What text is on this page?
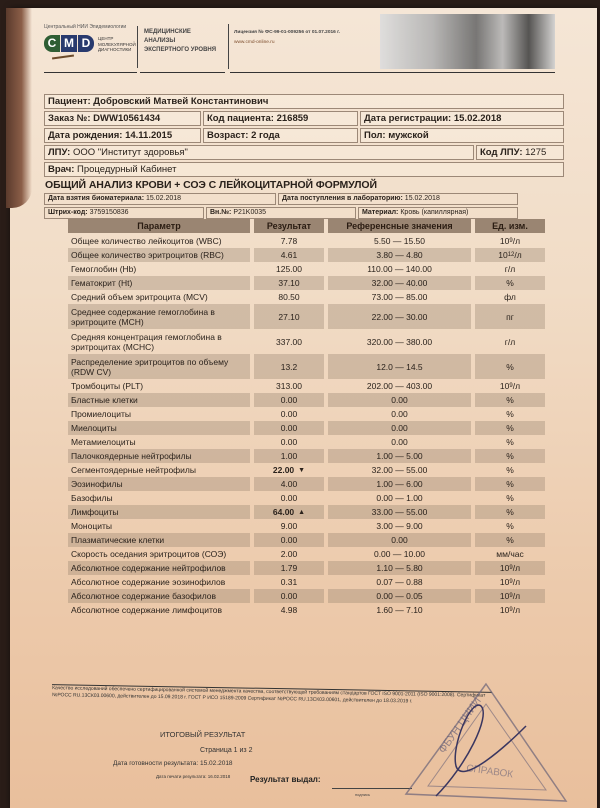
Центральный НИИ Эпидемиологии
C M D	ЦЕНТР МОЛЕКУЛЯРНОЙ ДИАГНОСТИКИ
МЕДИЦИНСКИЕ
АНАЛИЗЫ
ЭКСПЕРТНОГО УРОВНЯ
Лицензия № ФС-99-01-009256 от 01.07.2016 г.
www.cmd-online.ru
Пациент: Добровский Матвей Константинович
Заказ №: DWW10561434	Код пациента: 216859	Дата регистрации: 15.02.2018
Дата рождения: 14.11.2015	Возраст: 2 года	Пол: мужской
ЛПУ: ООО "Институт здоровья"	Код ЛПУ: 1275
Врач: Процедурный Кабинет
ОБЩИЙ АНАЛИЗ КРОВИ + СОЭ С ЛЕЙКОЦИТАРНОЙ ФОРМУЛОЙ
Дата взятия биоматериала: 15.02.2018	Дата поступления в лабораторию: 15.02.2018
Штрих-код: 3759150836	Вн.№: P21K0035	Материал: Кровь (капиллярная)
Параметр	Результат	Референсные значения	Ед. изм.
Общее количество лейкоцитов (WBC)	7.78	5.50 — 15.50	10 9 /л
Общее количество эритроцитов (RBC)	4.61	3.80 — 4.80	10 12 /л
Гемоглобин (Hb)	125.00	110.00 — 140.00	г/л
Гематокрит (Ht)	37.10	32.00 — 40.00	%
Средний объем эритроцита (MCV)	80.50	73.00 — 85.00	фл
Среднее содержание гемоглобина в эритроците (MCH)	27.10	22.00 — 30.00	пг
Средняя концентрация гемоглобина в эритроцитах (MCHC)	337.00	320.00 — 380.00	г/л
Распределение эритроцитов по объему (RDW CV)	13.2	12.0 — 14.5	%
Тромбоциты (PLT)	313.00	202.00 — 403.00	10 9 /л
Бластные клетки	0.00	0.00	%
Промиелоциты	0.00	0.00	%
Миелоциты	0.00	0.00	%
Метамиелоциты	0.00	0.00	%
Палочкоядерные нейтрофилы	1.00	1.00 — 5.00	%
Сегментоядерные нейтрофилы	22.00 ▼	32.00 — 55.00	%
Эозинофилы	4.00	1.00 — 6.00	%
Базофилы	0.00	0.00 — 1.00	%
Лимфоциты	64.00 ▲	33.00 — 55.00	%
Моноциты	9.00	3.00 — 9.00	%
Плазматические клетки	0.00	0.00	%
Скорость оседания эритроцитов (СОЭ)	2.00	0.00 — 10.00	мм/час
Абсолютное содержание нейтрофилов	1.79	1.10 — 5.80	10 9 /л
Абсолютное содержание эозинофилов	0.31	0.07 — 0.88	10 9 /л
Абсолютное содержание базофилов	0.00	0.00 — 0.05	10 9 /л
Абсолютное содержание лимфоцитов	4.98	1.60 — 7.10	10 9 /л
Качество исследований обеспечено сертифицированной системой менеджмента качества, соответствующей требованиям стандартов ГОСТ ISO 9001-2011 (ISO 9001:2008). Сертификат №РОСС RU.13СК03.00600, действителен до 15.09.2018 г. ГОСТ Р ИСО 15189-2009 Сертификат №РОСС RU.13СК03.00601, действителен до 18.03.2019 г.
ИТОГОВЫЙ РЕЗУЛЬТАТ
Страница 1 из 2
Дата готовности результата: 15.02.2018
Дата печати результата: 16.02.2018 Результат выдал:
подпись
ФБУН ЦНИИ
СПРАВОК
